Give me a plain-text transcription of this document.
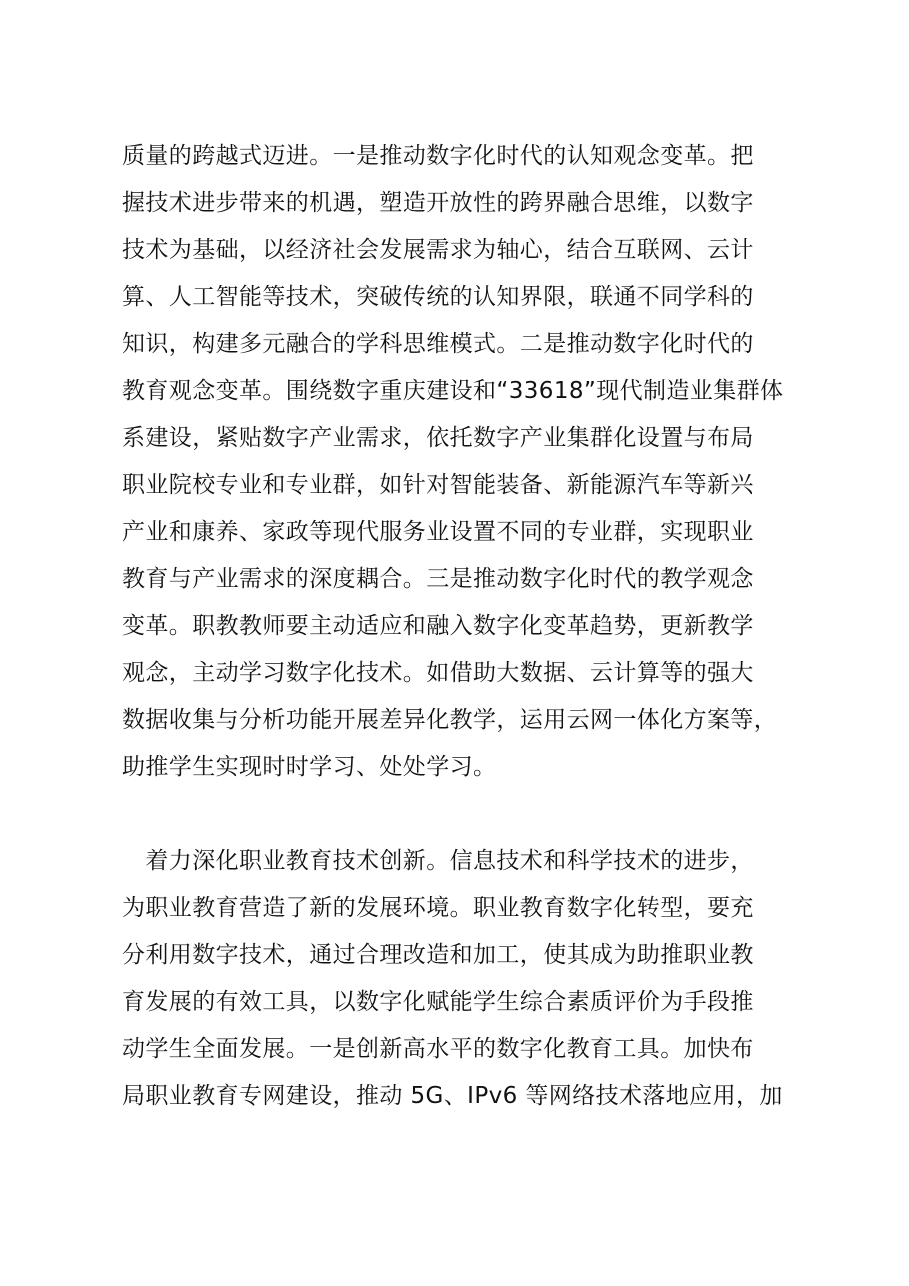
质量的跨越式迈进。一是推动数字化时代的认知观念变革。把
握技术进步带来的机遇，塑造开放性的跨界融合思维，以数字
技术为基础，以经济社会发展需求为轴心，结合互联网、云计
算、人工智能等技术，突破传统的认知界限，联通不同学科的
知识，构建多元融合的学科思维模式。二是推动数字化时代的
教育观念变革。围绕数字重庆建设和“33618”现代制造业集群体
系建设，紧贴数字产业需求，依托数字产业集群化设置与布局
职业院校专业和专业群，如针对智能装备、新能源汽车等新兴
产业和康养、家政等现代服务业设置不同的专业群，实现职业
教育与产业需求的深度耦合。三是推动数字化时代的教学观念
变革。职教教师要主动适应和融入数字化变革趋势，更新教学
观念，主动学习数字化技术。如借助大数据、云计算等的强大
数据收集与分析功能开展差异化教学，运用云网一体化方案等，
助推学生实现时时学习、处处学习。
　着力深化职业教育技术创新。信息技术和科学技术的进步，
为职业教育营造了新的发展环境。职业教育数字化转型，要充
分利用数字技术，通过合理改造和加工，使其成为助推职业教
育发展的有效工具，以数字化赋能学生综合素质评价为手段推
动学生全面发展。一是创新高水平的数字化教育工具。加快布
局职业教育专网建设，推动 5G、IPv6 等网络技术落地应用，加
